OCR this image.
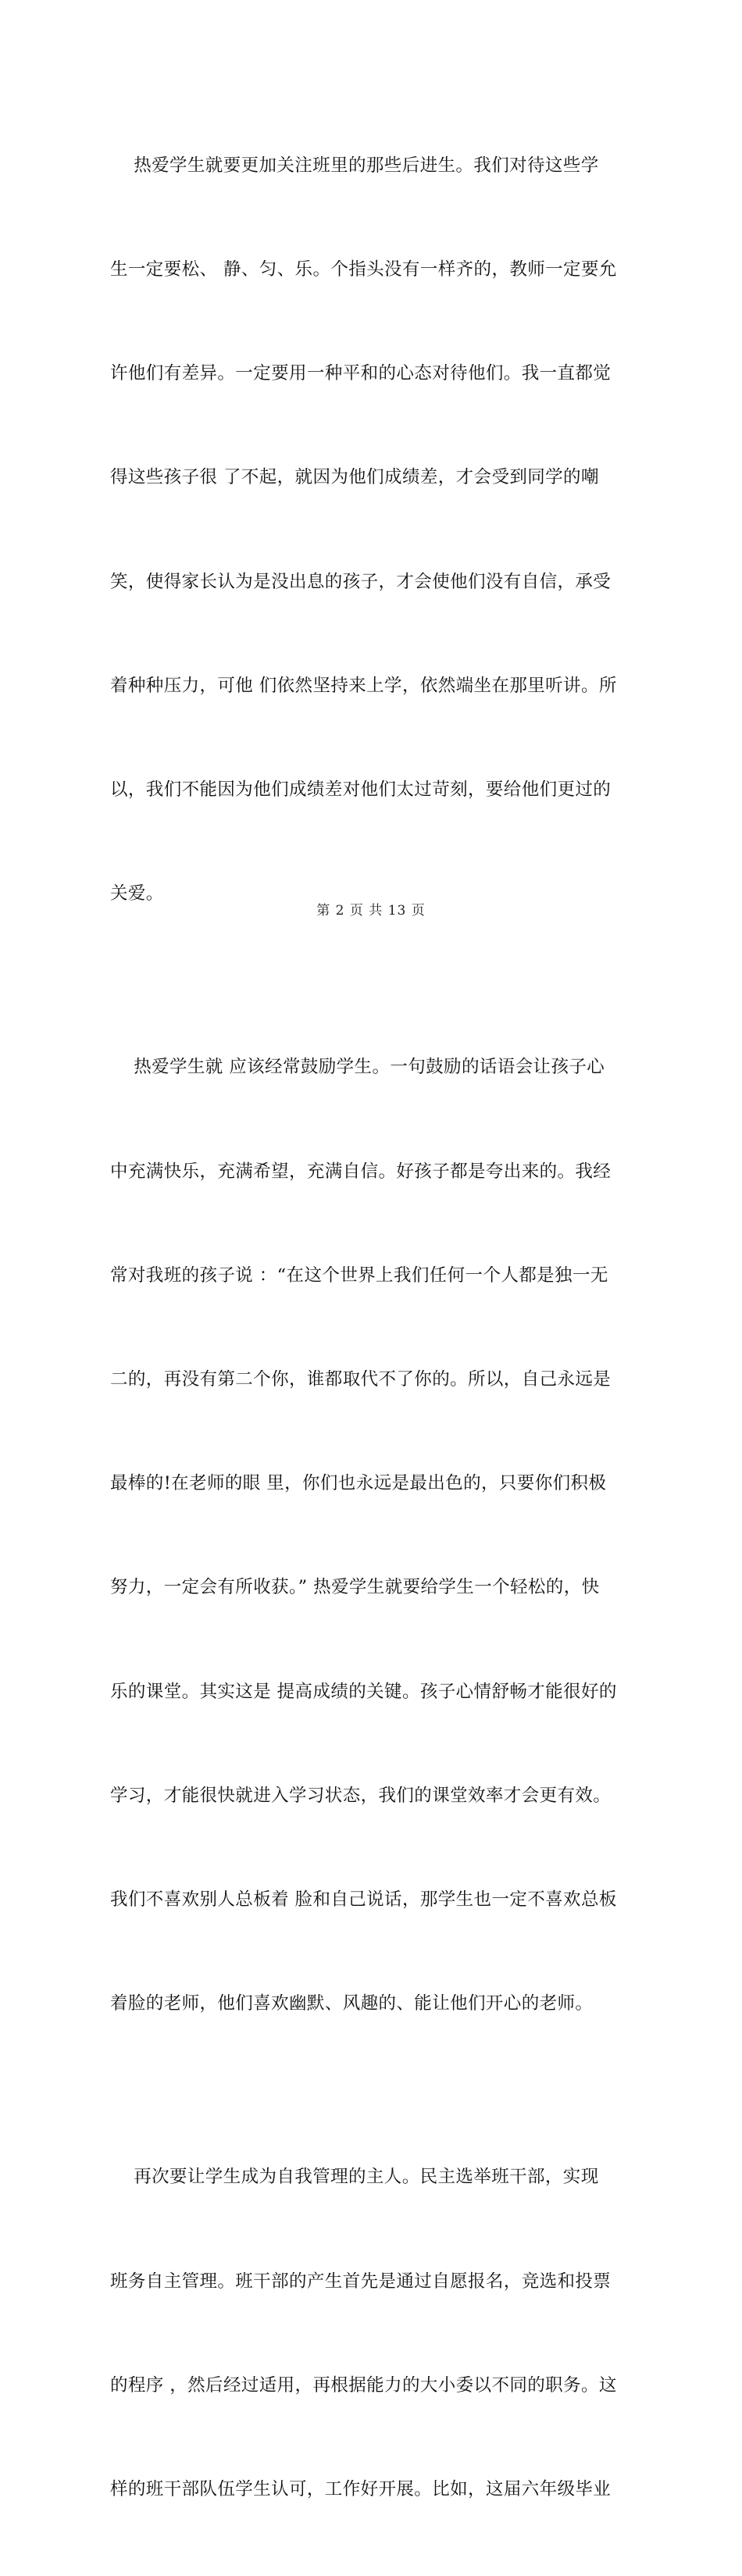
热爱学生就要更加关注班里的那些后进生。我们对待这些学

生一定要松、 静、匀、乐。个指头没有一样齐的，教师一定要允

许他们有差异。一定要用一种平和的心态对待他们。我一直都觉

得这些孩子很 了不起，就因为他们成绩差，才会受到同学的嘲

笑，使得家长认为是没出息的孩子，才会使他们没有自信，承受

着种种压力，可他 们依然坚持来上学，依然端坐在那里听讲。所

以，我们不能因为他们成绩差对他们太过苛刻，要给他们更过的

关爱。

热爱学生就 应该经常鼓励学生。一句鼓励的话语会让孩子心

中充满快乐，充满希望，充满自信。好孩子都是夸出来的。我经

常对我班的孩子说 ：“在这个世界上我们任何一个人都是独一无

二的，再没有第二个你，谁都取代不了你的。所以，自己永远是

最棒的!在老师的眼 里，你们也永远是最出色的，只要你们积极

努力，一定会有所收获。” 热爱学生就要给学生一个轻松的，快

乐的课堂。其实这是 提高成绩的关键。孩子心情舒畅才能很好的

学习，才能很快就进入学习状态，我们的课堂效率才会更有效。

我们不喜欢别人总板着 脸和自己说话，那学生也一定不喜欢总板

着脸的老师，他们喜欢幽默、风趣的、能让他们开心的老师。

再次要让学生成为自我管理的主人。民主选举班干部，实现

班务自主管理。班干部的产生首先是通过自愿报名，竞选和投票

的程序 ，然后经过适用，再根据能力的大小委以不同的职务。这

样的班干部队伍学生认可，工作好开展。比如，这届六年级毕业

第 2 页 共 13 页
